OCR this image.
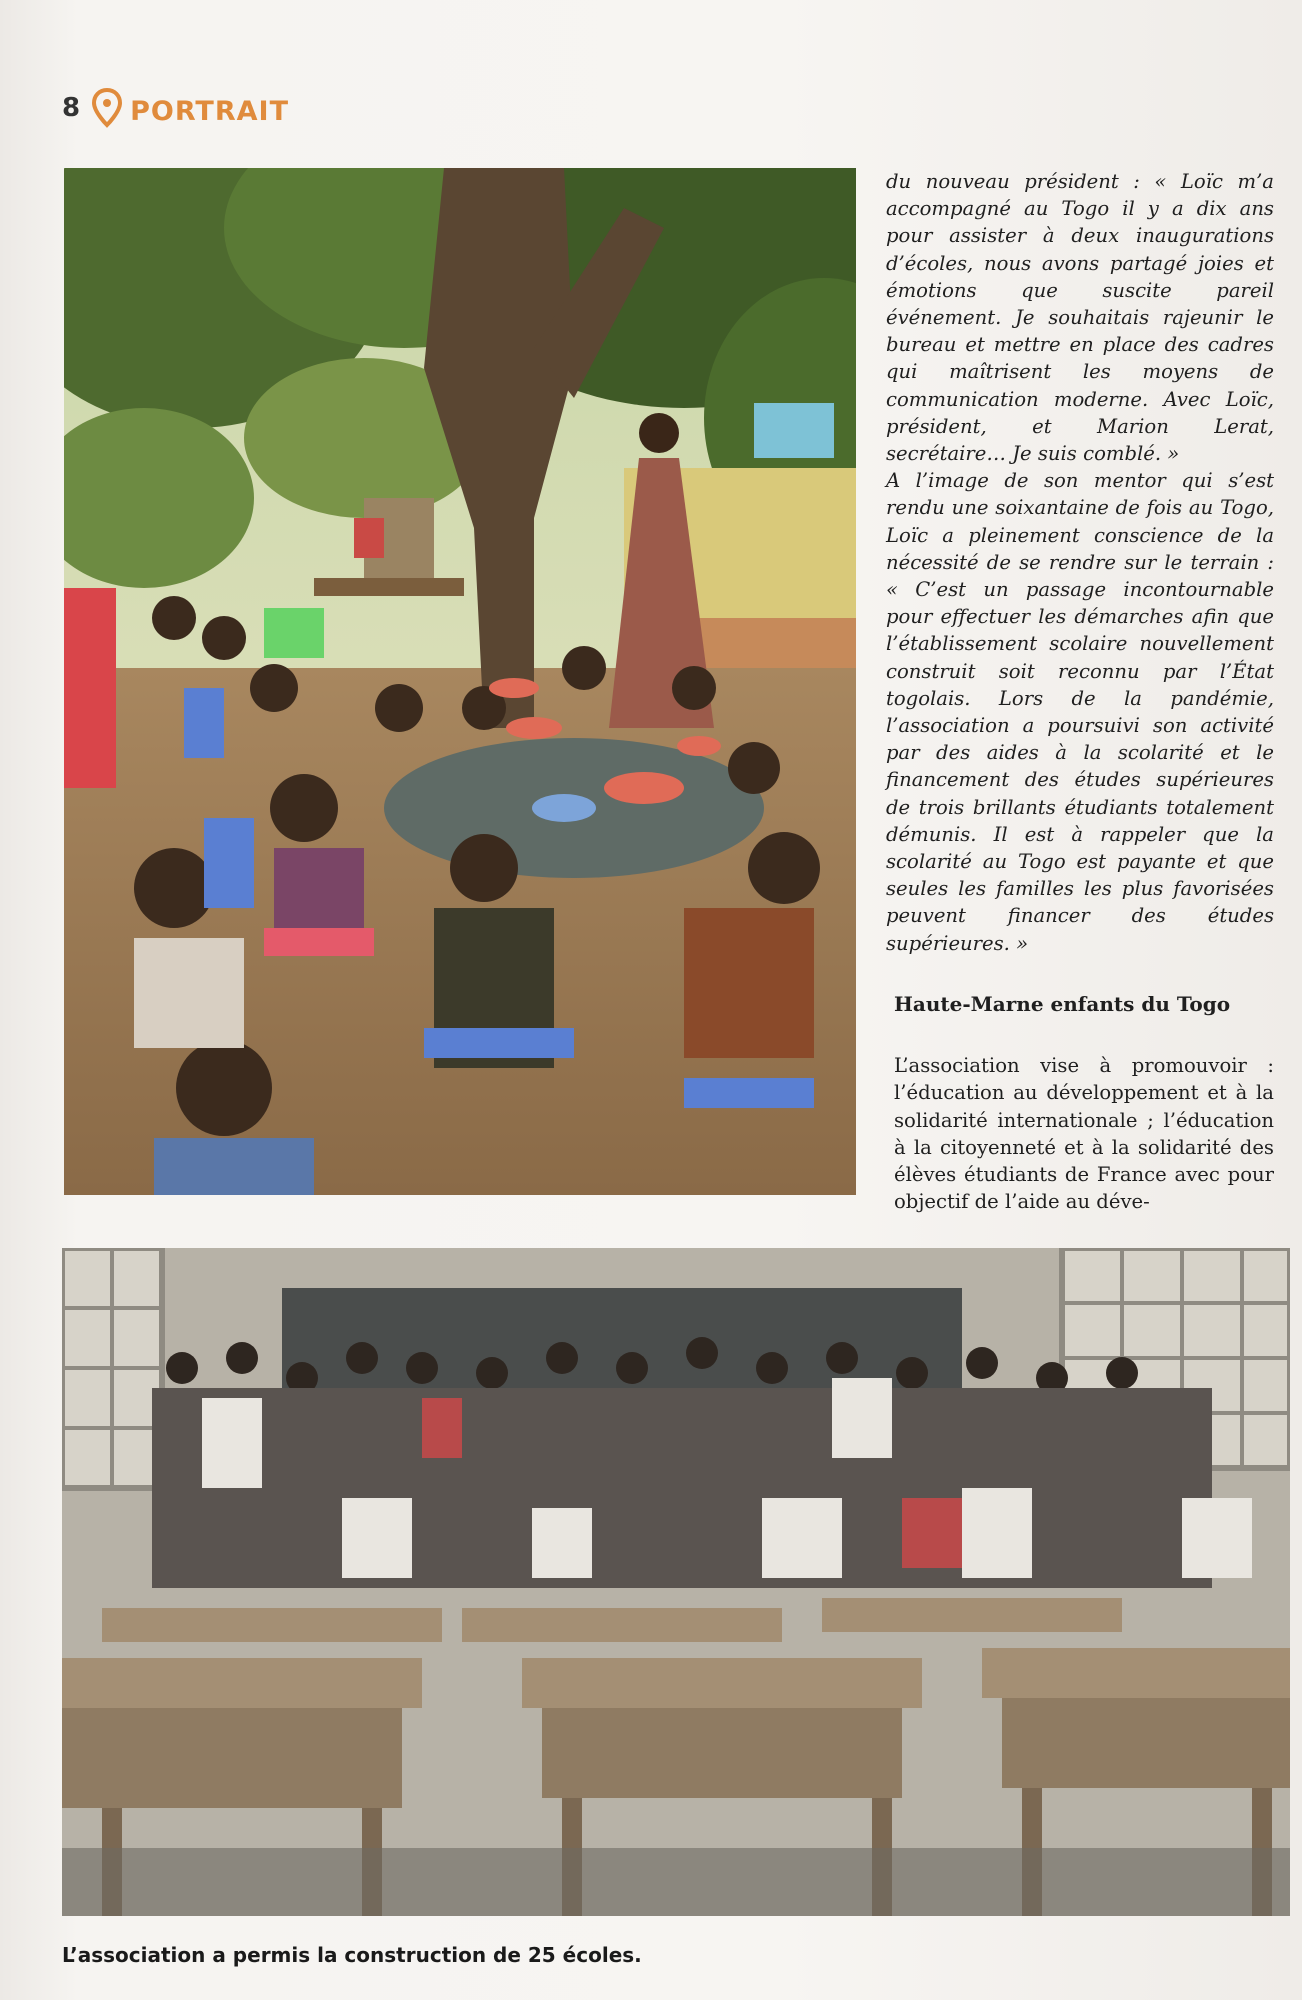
8 PORTRAIT

du nouveau président : « Loïc m’a accompagné au Togo il y a dix ans pour assister à deux inaugurations d’écoles, nous avons partagé joies et émotions que suscite pareil événement. Je souhaitais rajeunir le bureau et mettre en place des cadres qui maîtrisent les moyens de communication moderne. Avec Loïc, président, et Marion Lerat, secrétaire… Je suis comblé. »

A l’image de son mentor qui s’est rendu une soixantaine de fois au Togo, Loïc a pleinement conscience de la nécessité de se rendre sur le terrain : « C’est un passage incontournable pour effectuer les démarches afin que l’établissement scolaire nouvellement construit soit reconnu par l’État togolais. Lors de la pandémie, l’association a poursuivi son activité par des aides à la scolarité et le financement des études supérieures de trois brillants étudiants totalement démunis. Il est à rappeler que la scolarité au Togo est payante et que seules les familles les plus favorisées peuvent financer des études supérieures. »

Haute-Marne enfants du Togo

L’association vise à promouvoir : l’éducation au développement et à la solidarité internationale ; l’éducation à la citoyenneté et à la solidarité des élèves étudiants de France avec pour objectif de l’aide au déve-

L’association a permis la construction de 25 écoles.
